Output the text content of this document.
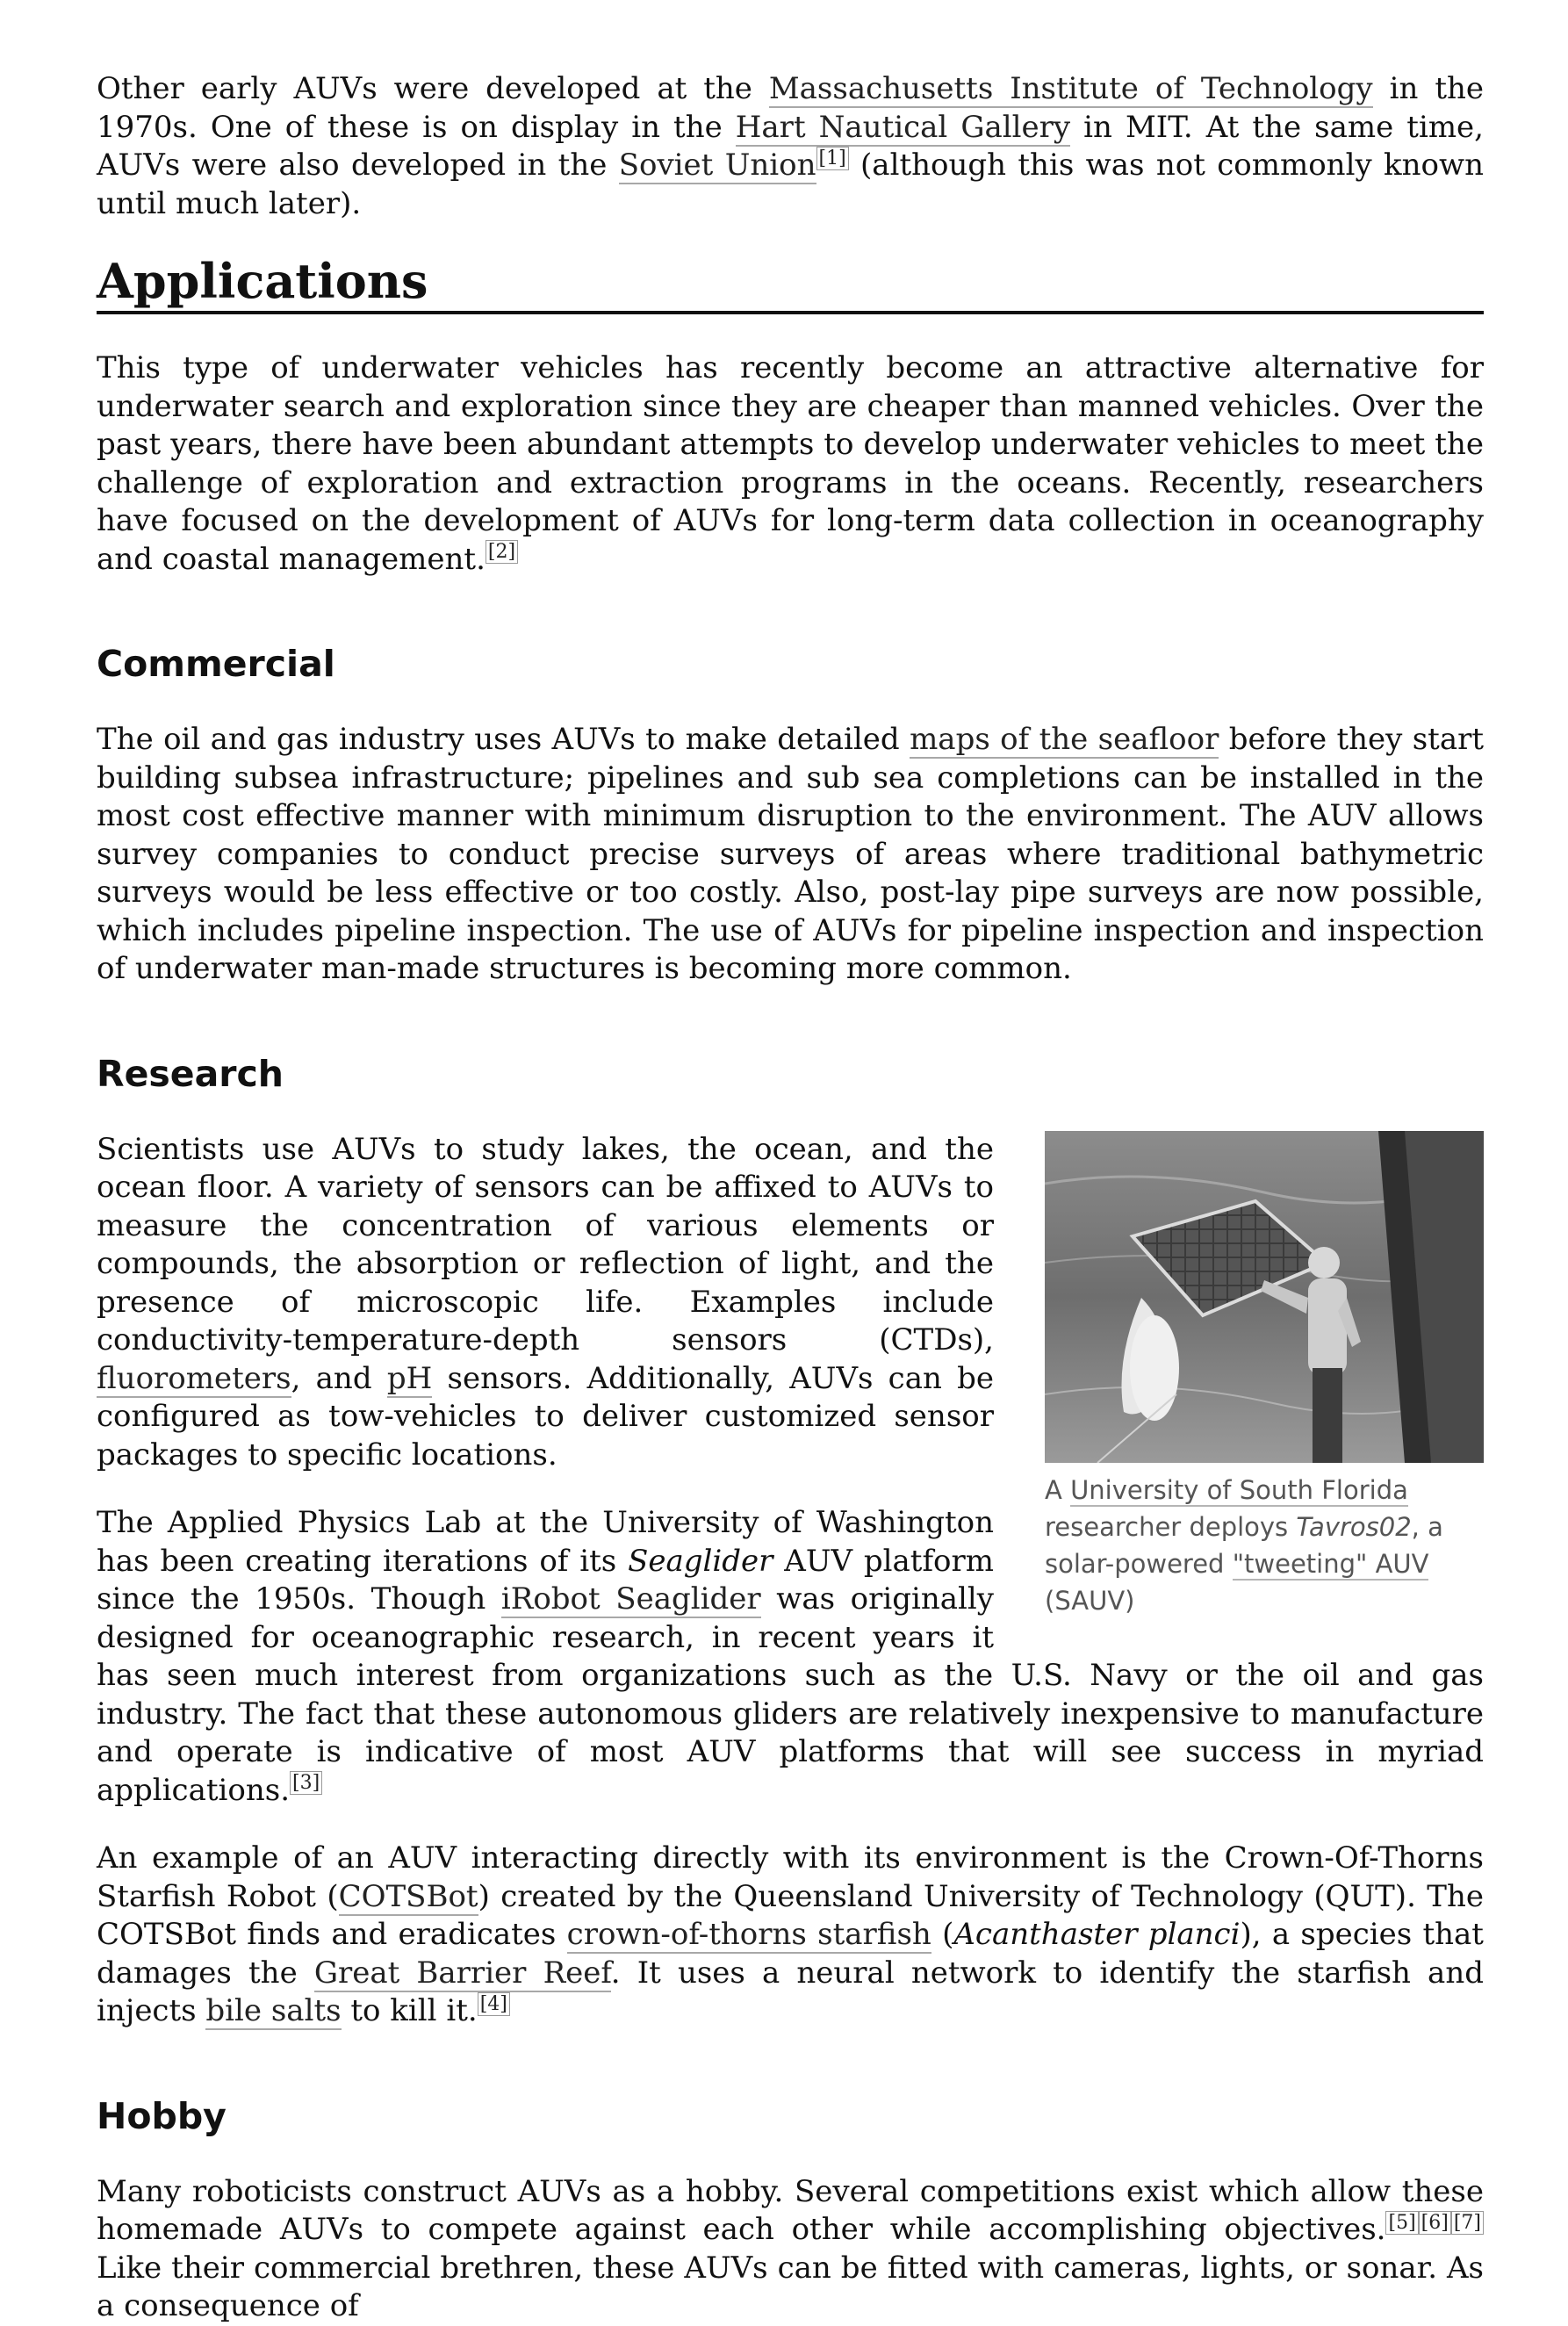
Other early AUVs were developed at the Massachusetts Institute of Technology in the 1970s. One of these is on display in the Hart Nautical Gallery in MIT. At the same time, AUVs were also developed in the Soviet Union [1] (although this was not commonly known until much later).

Applications

This type of underwater vehicles has recently become an attractive alternative for underwater search and exploration since they are cheaper than manned vehicles. Over the past years, there have been abundant attempts to develop underwater vehicles to meet the challenge of exploration and extraction programs in the oceans. Recently, researchers have focused on the development of AUVs for long-term data collection in oceanography and coastal management. [2]

Commercial

The oil and gas industry uses AUVs to make detailed maps of the seafloor before they start building subsea infrastructure; pipelines and sub sea completions can be installed in the most cost effective manner with minimum disruption to the environment. The AUV allows survey companies to conduct precise surveys of areas where traditional bathymetric surveys would be less effective or too costly. Also, post-lay pipe surveys are now possible, which includes pipeline inspection. The use of AUVs for pipeline inspection and inspection of underwater man-made structures is becoming more common.

Research
A University of South Florida researcher deploys Tavros02, a solar-powered "tweeting" AUV (SAUV)

Scientists use AUVs to study lakes, the ocean, and the ocean floor. A variety of sensors can be affixed to AUVs to measure the concentration of various elements or compounds, the absorption or reflection of light, and the presence of microscopic life. Examples include conductivity-temperature-depth sensors (CTDs), fluorometers, and pH sensors. Additionally, AUVs can be configured as tow-vehicles to deliver customized sensor packages to specific locations.

The Applied Physics Lab at the University of Washington has been creating iterations of its Seaglider AUV platform since the 1950s. Though iRobot Seaglider was originally designed for oceanographic research, in recent years it has seen much interest from organizations such as the U.S. Navy or the oil and gas industry. The fact that these autonomous gliders are relatively inexpensive to manufacture and operate is indicative of most AUV platforms that will see success in myriad applications. [3]

An example of an AUV interacting directly with its environment is the Crown-Of-Thorns Starfish Robot (COTSBot) created by the Queensland University of Technology (QUT). The COTSBot finds and eradicates crown-of-thorns starfish (Acanthaster planci), a species that damages the Great Barrier Reef. It uses a neural network to identify the starfish and injects bile salts to kill it. [4]

Hobby

Many roboticists construct AUVs as a hobby. Several competitions exist which allow these homemade AUVs to compete against each other while accomplishing objectives. [5] [6] [7] Like their commercial brethren, these AUVs can be fitted with cameras, lights, or sonar. As a consequence of
